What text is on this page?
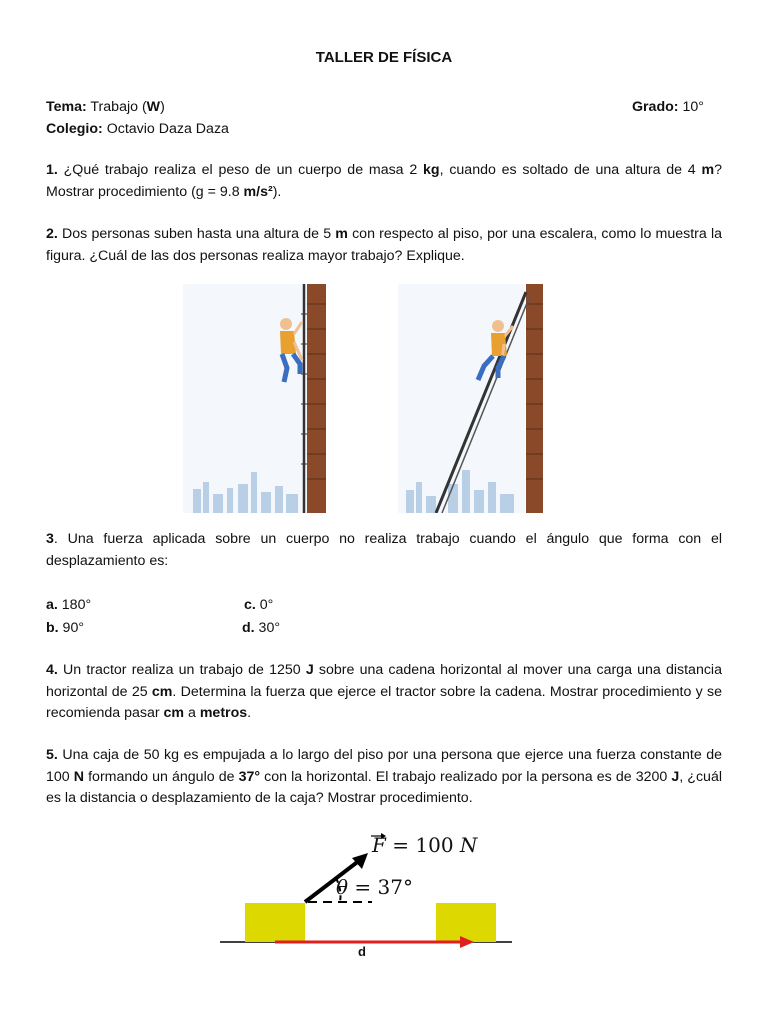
TALLER DE FÍSICA
Tema: Trabajo (W)	Grado: 10°
Colegio: Octavio Daza Daza
1. ¿Qué trabajo realiza el peso de un cuerpo de masa 2 kg, cuando es soltado de una altura de 4 m? Mostrar procedimiento (g = 9.8 m/s²).
2. Dos personas suben hasta una altura de 5 m con respecto al piso, por una escalera, como lo muestra la figura. ¿Cuál de las dos personas realiza mayor trabajo? Explique.
3. Una fuerza aplicada sobre un cuerpo no realiza trabajo cuando el ángulo que forma con el desplazamiento es:
a. 180°
b. 90°
c. 0°
d. 30°
4. Un tractor realiza un trabajo de 1250 J sobre una cadena horizontal al mover una carga una distancia horizontal de 25 cm. Determina la fuerza que ejerce el tractor sobre la cadena. Mostrar procedimiento y se recomienda pasar cm a metros.
5. Una caja de 50 kg es empujada a lo largo del piso por una persona que ejerce una fuerza constante de 100 N formando un ángulo de 37° con la horizontal. El trabajo realizado por la persona es de 3200 J, ¿cuál es la distancia o desplazamiento de la caja? Mostrar procedimiento.
F = 100 N
θ = 37°
d
